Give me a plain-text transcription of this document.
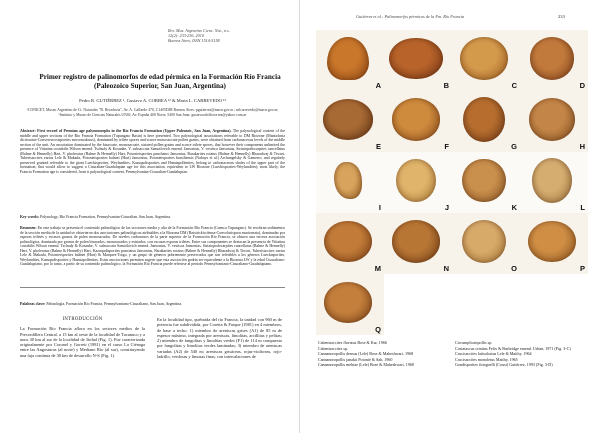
Rev. Mus. Argentino Cienc. Nat., n.s.
12(2): 233-236, 2010
Buenos Aires, ISSN 1514-5158
Primer registro de palinomorfos de edad pérmica en la Formación Río Francia (Paleozoico Superior, San Juan, Argentina)
Pedro R. GUTIÉRREZ ¹, Gustavo A. CORREA ¹² & Marta L. CARREVEDO ¹²
¹CONICET, Museo Argentino de Ct. Naturales "B. Rivadavia", Av. A. Gallardo 470, C1405DJR Buenos Aires. pgutierrez@macn.gov.ar ; mlcarrevedo@macn.gov.ar; ²Instituto y Museo de Ciencias Naturales UNSJ, Av. España 400 Norte, 5400 San Juan. gustavoadolfocorrea@yahoo.com.ar
Abstract: First record of Permian age palynomorphs in the Río Francia Formation (Upper Paleozoic, San Juan, Argentina). The palynological content of the middle and upper sections of the Río Francia Formation (Tupungato Basin) is here presented. Two palynological associations referable to DM Biozone (Mantichnia dictioratus-Converrucosisporites micronodosus), dominated by trilete spores and scarce monosaccate pollen grains, were obtained from carbonaceous levels of the middle section of the unit. An association dominated by the bisaccate, monosaccate, striated pollen grains and scarce trilete spores, that however their components unlimited the presence of Vittatina costabilis Wilson emend. Tschudy & Kosanke, V. subsaccata Samoilovich emend. Jansonius, V. vestisca Jansonius, Striatopodocarpites cancellatus (Balme & Hennelly) Hart, V. pholeratus (Balme & Hennelly) Hart, Potonieisporites panchatus Jansonius, Barakarites rotatus (Balme & Hennelly) Bharadwaj & Tiwari, Tuberisaccites varius Lele & Makada, Potonieisporites balmei (Hart) Jansonius, Potonieisporites brasiliensis (Nahuys et al.) Archangelsky & Gamerro, and regularly preserved granted referable to the giant Lueckisporites, Weylandites, Kazuqudisporites and Hamiapollenites, belong to carbonaceous shales of the upper part of the formation; that would allow to suggest a Cisuralian-Guadalupian age for this association, equivalent to LW Biozone (Lueckisporites-Weylandites); most likely, the Francia Formation age is considered, from it palynological content, Pennsylvanian-Cisuralian-Guadalupian.
Key words: Palynology, Río Francia Formation, Pennsylvanian-Cisuralian, San Juan, Argentina.
Resumen: En este trabajo se presenta el contenido palinológico de las secciones media y alta de la Formación Río Francia (Cuenca Tupungato). Se recobran sedimentos de la sección media de la unidad se obtuvieron dos asociaciones palinológicas atribuibles a la Biozona DM (Raistrickia densa-Convolutispora muriornata), dominadas por esporas triletes y escasos granos de polen monosacados. De niveles carbonosos de la parte superior de la Formación Río Francia, se obtuvo una tercera asociación palinológica, dominada por granos de polen bisacados, monosacados y estriados, con escasas esporas triletes. Entre sus componentes se destacan la presencia de Vittatina costabilis Wilson emend. Tschudy & Kosanke, V. subsaccata Samoilovich emend. Jansonius, V. vestisca Jansonius, Striatopodocarpites cancellatus (Balme & Hennelly) Hart, V. pholeratus (Balme & Hennelly) Hart, Kazuqudisporites punctatus Jansonius, Barakarites rotatus (Balme & Hennelly) Bharadwaj & Tiwari, Tuberisaccites varius Lele & Makada, Potonieisporites balmei (Hart) & Marques-Toigo, y un grupo de géneros pobremente preservados que son referibles a los géneros Lueckisporites, Weylandites, Kazuqudisporites y Hamiapollenites. Estas asociaciones permiten sugerir que esta asociación podría ser equivalente a la Biozona LW y la edad Cisuraliano-Guadalupiano, por lo tanto, a partir de su contenido palinológico, la Formación Río Francia puede referirse al período Pennsylvaniano-Cisuraliano-Guadalupiano.
Palabras clave: Palinología, Formación Río Francia, Pennsylvaniano-Cisuraliano, San Juan, Argentina.
INTRODUCCIÓN
La Formación Río Francia aflora en los sectores medios de la Precordillera Central, a 15 km al oeste de la localidad de Tucunuco y a unos 30 km al sur de la localidad de Jáchal (Fig. 1). Fue caracterizada originalmente por Coronel y Gorreti (1981) en el curso La Ciénaga entre las Angosturas (al norte) y Mediano Río (al sur), constituyendo una faja continua de 30 km de desarrollo N-S (Fig. 1).
En la localidad tipo, quebrada del río Francia, la unidad con 960 m de potencia fue subdividida, por Coretta & Farque (1981) en 4 miembros, de base a techo: 1) miembro de areniscas grises (A1) de 85 m de espesor máximo, integrada por areniscas, limolitas, arcillitas y pelitas; 2) miembro de fangolitas y limolitas verdes (F1) de 114 m compuesto por fangolitas y limolitas verdes laminadas; 3) miembro de areniscas variadas (A2) de 540 m; areniscas grisáceas, rojas-violáceas, rojo-ladrillo, verdosas y limosas finas, con intercalaciones de
Gutiérrez et al.: Palinomorfos pérmicos de la Fm. Río Francia	233
A	B	C	D
E	F	G	H
I	J	K	L
M	N	O	P
Q

Cahenisaccites flavatus Bose & Kar, 1966

Cahenisaccites sp.

Cannanoropollis densus (Lele) Bose & Maheshwari, 1968

Cannanoropollis janakii Potonié & Sah, 1960

Cannanoropollis mehtae (Lele) Bose & Maheshwari, 1968

Circumplicatipollis sp.

Costatascus crinitus Felix & Burbridge emend. Urban, 1971 (Fig. 3-C)

Crucisaccites latisulcatus Lele & Maithy, 1964

Crucisaccites monoletus Maithy, 1965

Gondisporites fiongoelli (Cousi) Gutiérrez, 1993 (Fig. 3-D)
